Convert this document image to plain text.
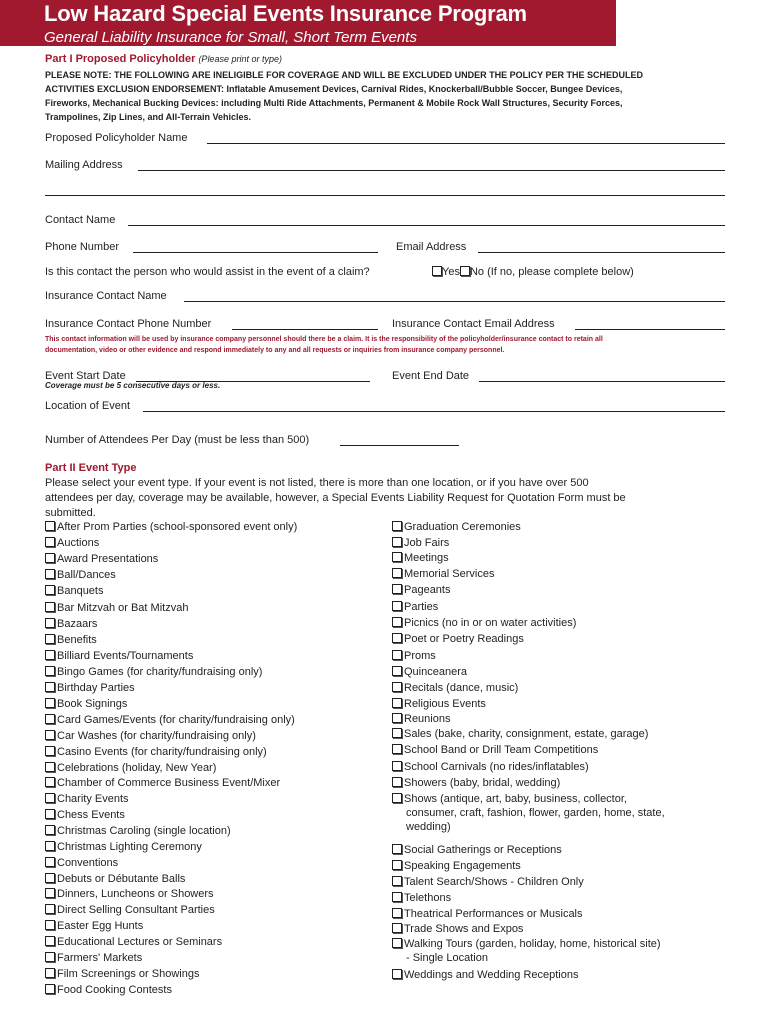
Low Hazard Special Events Insurance Program
General Liability Insurance for Small, Short Term Events
Part I Proposed Policyholder (Please print or type)
PLEASE NOTE: THE FOLLOWING ARE INELIGIBLE FOR COVERAGE AND WILL BE EXCLUDED UNDER THE POLICY PER THE SCHEDULED
ACTIVITIES EXCLUSION ENDORSEMENT: Inflatable Amusement Devices, Carnival Rides, Knockerball/Bubble Soccer, Bungee Devices,
Fireworks, Mechanical Bucking Devices: including Multi Ride Attachments, Permanent & Mobile Rock Wall Structures, Security Forces,
Trampolines, Zip Lines, and All-Terrain Vehicles.
Proposed Policyholder Name
Mailing Address
Contact Name
Phone Number	Email Address
Is this contact the person who would assist in the event of a claim?	Yes No (If no, please complete below)
Insurance Contact Name
Insurance Contact Phone Number	Insurance Contact Email Address
This contact information will be used by insurance company personnel should there be a claim. It is the responsibility of the policyholder/insurance contact to retain all
documentation, video or other evidence and respond immediately to any and all requests or inquiries from insurance company personnel.
Event Start Date
Coverage must be 5 consecutive days or less.
Event End Date
Location of Event
Number of Attendees Per Day (must be less than 500)
Part II Event Type
Please select your event type. If your event is not listed, there is more than one location, or if you have over 500
attendees per day, coverage may be available, however, a Special Events Liability Request for Quotation Form must be
submitted.
After Prom Parties (school-sponsored event only)
Auctions
Award Presentations
Ball/Dances
Banquets
Bar Mitzvah or Bat Mitzvah
Bazaars
Benefits
Billiard Events/Tournaments
Bingo Games (for charity/fundraising only)
Birthday Parties
Book Signings
Card Games/Events (for charity/fundraising only)
Car Washes (for charity/fundraising only)
Casino Events (for charity/fundraising only)
Celebrations (holiday, New Year)
Chamber of Commerce Business Event/Mixer
Charity Events
Chess Events
Christmas Caroling (single location)
Christmas Lighting Ceremony
Conventions
Debuts or Débutante Balls
Dinners, Luncheons or Showers
Direct Selling Consultant Parties
Easter Egg Hunts
Educational Lectures or Seminars
Farmers' Markets
Film Screenings or Showings
Food Cooking Contests
Graduation Ceremonies
Job Fairs
Meetings
Memorial Services
Pageants
Parties
Picnics (no in or on water activities)
Poet or Poetry Readings
Proms
Quinceanera
Recitals (dance, music)
Religious Events
Reunions
Sales (bake, charity, consignment, estate, garage)
School Band or Drill Team Competitions
School Carnivals (no rides/inflatables)
Showers (baby, bridal, wedding)
Shows (antique, art, baby, business, collector,
consumer, craft, fashion, flower, garden, home, state,
wedding)
Social Gatherings or Receptions
Speaking Engagements
Talent Search/Shows - Children Only
Telethons
Theatrical Performances or Musicals
Trade Shows and Expos
Walking Tours (garden, holiday, home, historical site)
- Single Location
Weddings and Wedding Receptions
